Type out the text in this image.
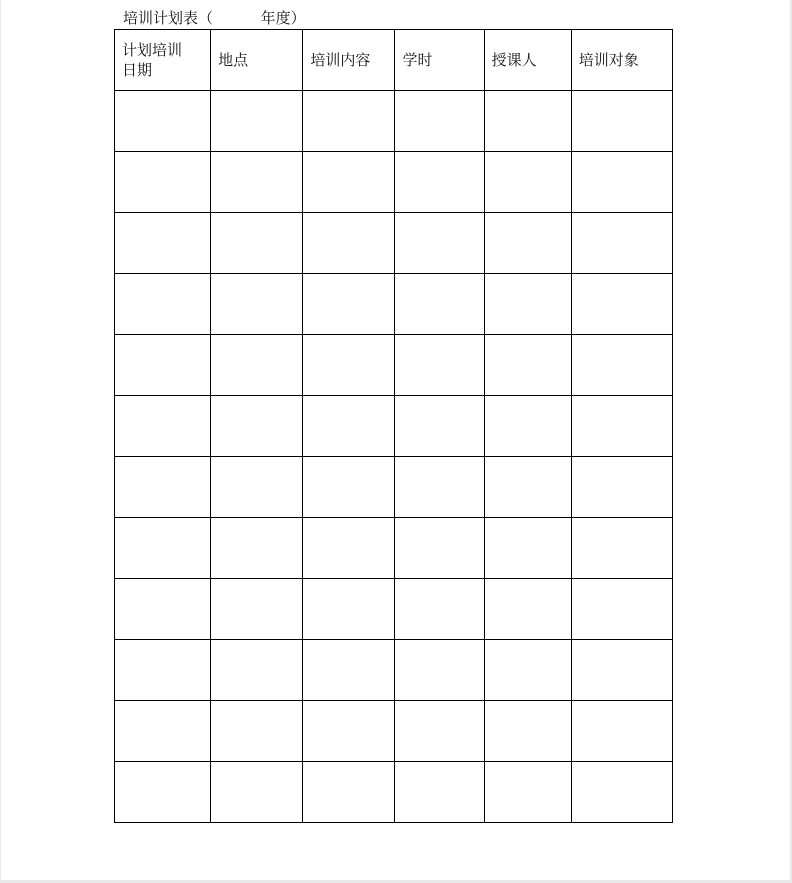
培训计划表（          年度）
计划培训日期	地点	培训内容	学时	授课人	培训对象
